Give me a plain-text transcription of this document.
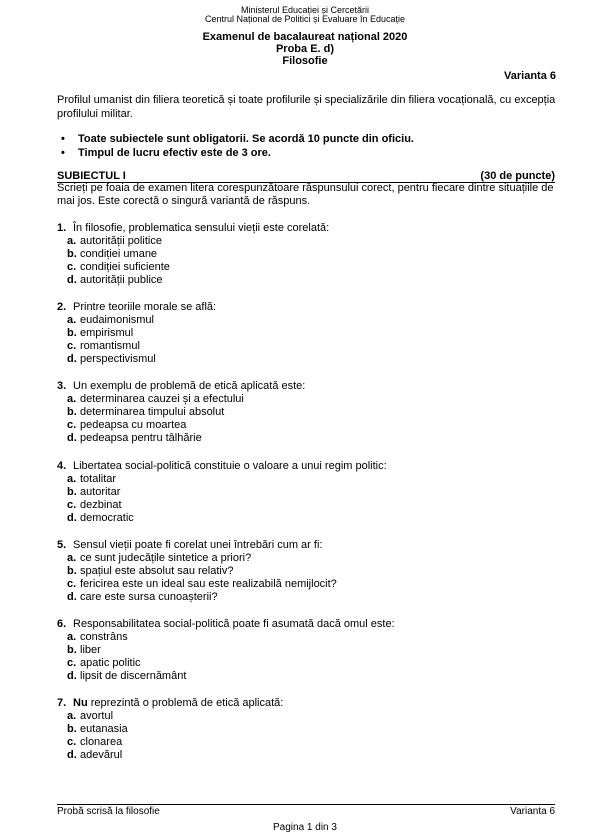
Ministerul Educației și Cercetării
Centrul Național de Politici și Evaluare în Educație
Examenul de bacalaureat național 2020
Proba E. d)
Filosofie
Varianta 6
Profilul umanist din filiera teoretică și toate profilurile și specializările din filiera vocațională, cu excepția profilului militar.
• Toate subiectele sunt obligatorii. Se acordă 10 puncte din oficiu.
• Timpul de lucru efectiv este de 3 ore.
SUBIECTUL I	(30 de puncte)
Scrieți pe foaia de examen litera corespunzătoare răspunsului corect, pentru fiecare dintre situațiile de mai jos. Este corectă o singură variantă de răspuns.
1. În filosofie, problematica sensului vieții este corelată:
a. autorității politice
b. condiției umane
c. condiției suficiente
d. autorității publice
2. Printre teoriile morale se află:
a. eudaimonismul
b. empirismul
c. romantismul
d. perspectivismul
3. Un exemplu de problemă de etică aplicată este:
a. determinarea cauzei și a efectului
b. determinarea timpului absolut
c. pedeapsa cu moartea
d. pedeapsa pentru tâlhărie
4. Libertatea social-politică constituie o valoare a unui regim politic:
a. totalitar
b. autoritar
c. dezbinat
d. democratic
5. Sensul vieții poate fi corelat unei întrebări cum ar fi:
a. ce sunt judecățile sintetice a priori?
b. spațiul este absolut sau relativ?
c. fericirea este un ideal sau este realizabilă nemijlocit?
d. care este sursa cunoașterii?
6. Responsabilitatea social-politică poate fi asumată dacă omul este:
a. constrâns
b. liber
c. apatic politic
d. lipsit de discernământ
7. Nu reprezintă o problemă de etică aplicată:
a. avortul
b. eutanasia
c. clonarea
d. adevărul
Probă scrisă la filosofie	Varianta 6
Pagina 1 din 3
